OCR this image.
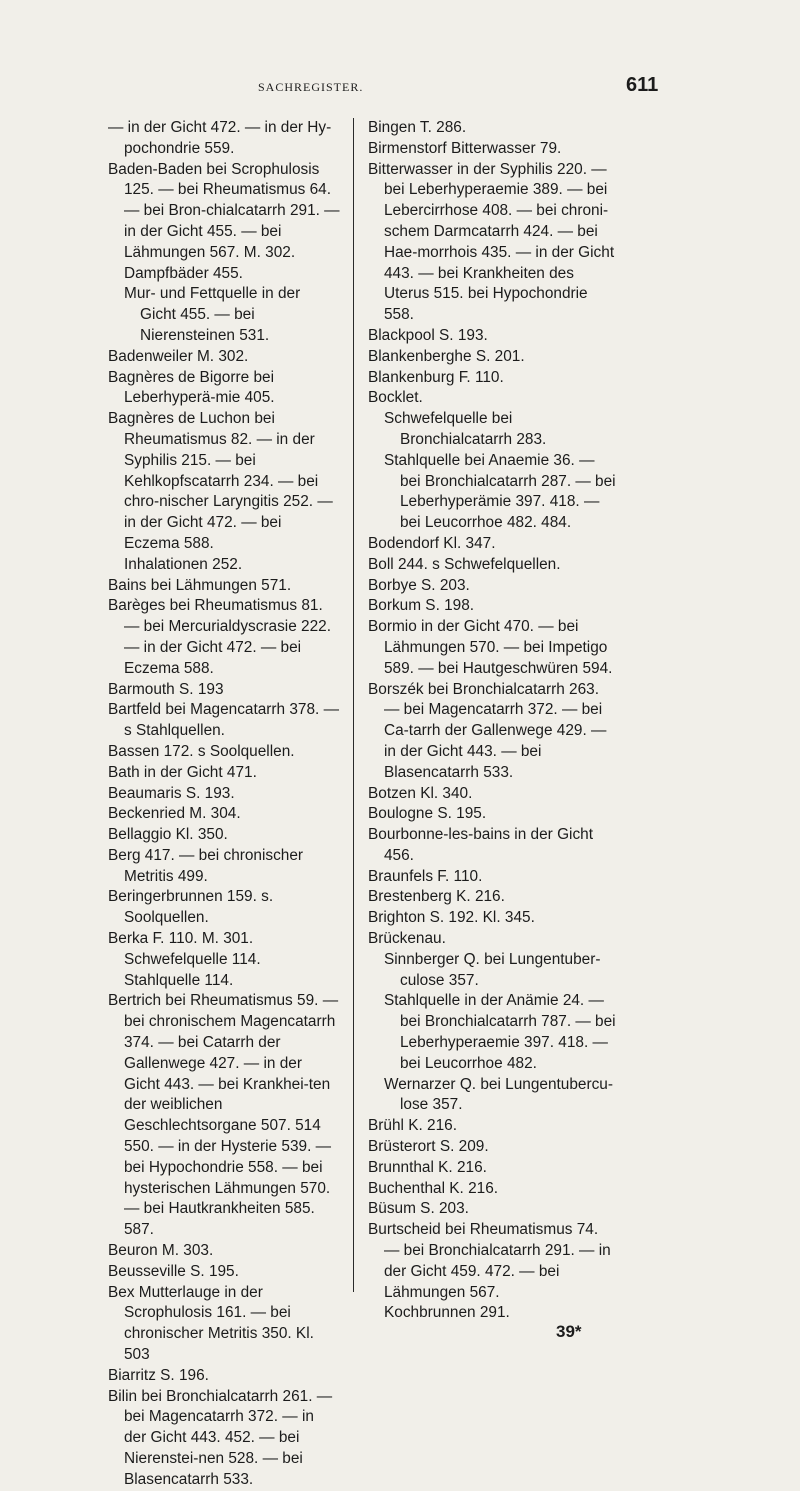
SACHREGISTER.	611
— in der Gicht 472. — in der Hy-pochondrie 559.
Baden-Baden bei Scrophulosis 125. — bei Rheumatismus 64. — bei Bron-chialcatarrh 291. — in der Gicht 455. — bei Lähmungen 567. M. 302.
Dampfbäder 455.
Mur- und Fettquelle in der Gicht 455. — bei Nierensteinen 531.
Badenweiler M. 302.
Bagnères de Bigorre bei Leberhyperä-mie 405.
Bagnères de Luchon bei Rheumatismus 82. — in der Syphilis 215. — bei Kehlkopfscatarrh 234. — bei chro-nischer Laryngitis 252. — in der Gicht 472. — bei Eczema 588.
Inhalationen 252.
Bains bei Lähmungen 571.
Barèges bei Rheumatismus 81. — bei Mercurialdyscrasie 222. — in der Gicht 472. — bei Eczema 588.
Barmouth S. 193
Bartfeld bei Magencatarrh 378. — s Stahlquellen.
Bassen 172. s Soolquellen.
Bath in der Gicht 471.
Beaumaris S. 193.
Beckenried M. 304.
Bellaggio Kl. 350.
Berg 417. — bei chronischer Metritis 499.
Beringerbrunnen 159. s. Soolquellen.
Berka F. 110. M. 301.
Schwefelquelle 114.
Stahlquelle 114.
Bertrich bei Rheumatismus 59. — bei chronischem Magencatarrh 374. — bei Catarrh der Gallenwege 427. — in der Gicht 443. — bei Krankhei-ten der weiblichen Geschlechtsorgane 507. 514 550. — in der Hysterie 539. — bei Hypochondrie 558. — bei hysterischen Lähmungen 570. — bei Hautkrankheiten 585. 587.
Beuron M. 303.
Beusseville S. 195.
Bex Mutterlauge in der Scrophulosis 161. — bei chronischer Metritis 350. Kl. 503
Biarritz S. 196.
Bilin bei Bronchialcatarrh 261. — bei Magencatarrh 372. — in der Gicht 443. 452. — bei Nierenstei-nen 528. — bei Blasencatarrh 533.
Bingen T. 286.
Birmenstorf Bitterwasser 79.
Bitterwasser in der Syphilis 220. — bei Leberhyperaemie 389. — bei Lebercirrhose 408. — bei chroni-schem Darmcatarrh 424. — bei Hae-morrhois 435. — in der Gicht 443. — bei Krankheiten des Uterus 515. bei Hypochondrie 558.
Blackpool S. 193.
Blankenberghe S. 201.
Blankenburg F. 110.
Bocklet.
Schwefelquelle bei Bronchialcatarrh 283.
Stahlquelle bei Anaemie 36. — bei Bronchialcatarrh 287. — bei Leberhyperämie 397. 418. — bei Leucorrhoe 482. 484.
Bodendorf Kl. 347.
Boll 244. s Schwefelquellen.
Borbye S. 203.
Borkum S. 198.
Bormio in der Gicht 470. — bei Lähmungen 570. — bei Impetigo 589. — bei Hautgeschwüren 594.
Borszék bei Bronchialcatarrh 263. — bei Magencatarrh 372. — bei Ca-tarrh der Gallenwege 429. — in der Gicht 443. — bei Blasencatarrh 533.
Botzen Kl. 340.
Boulogne S. 195.
Bourbonne-les-bains in der Gicht 456.
Braunfels F. 110.
Brestenberg K. 216.
Brighton S. 192. Kl. 345.
Brückenau.
Sinnberger Q. bei Lungentuber-culose 357.
Stahlquelle in der Anämie 24. — bei Bronchialcatarrh 787. — bei Leberhyperaemie 397. 418. — bei Leucorrhoe 482.
Wernarzer Q. bei Lungentubercu-lose 357.
Brühl K. 216.
Brüsterort S. 209.
Brunnthal K. 216.
Buchenthal K. 216.
Büsum S. 203.
Burtscheid bei Rheumatismus 74. — bei Bronchialcatarrh 291. — in der Gicht 459. 472. — bei Lähmungen 567.
Kochbrunnen 291.
39*
